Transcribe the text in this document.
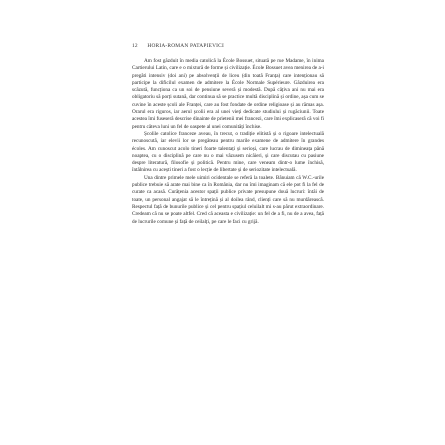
12 HORIA-ROMAN PATAPIEVICI

Am fost găzduit în media catolică la École Bossuet, situată pe rue Madame, în inima Cartierului Latin, care e o mixtură de forme și civilizație. École Bossuet avea menirea de a-i pregăti intensiv (doi ani) pe absolvenții de liceu (din toată Franța) care intenționau să participe la dificilul examen de admitere la École Normale Supérieure. Găzduirea era scăzută, funcționa ca un soi de pensiune severă și modestă. După câțiva ani nu mai era obligatoriu să porți sutană, dar continua să se practice multă disciplină și ordine, așa cum se cuvine în aceste școli ale Franței, care au fost fondate de ordine religioase și au rămas așa. Orarul era riguros, iar aerul școlii era al unei vieți dedicate studiului și rugăciunii. Toate acestea îmi fuseseră descrise dinainte de prietenii mei francezi, care îmi explicaseră că voi fi pentru câteva luni un fel de oaspete al unei comunități închise.

Școlile catolice franceze aveau, în trecut, o tradiție elitistă și o rigoare intelectuală recunoscută, iar elevii lor se pregăteau pentru marile examene de admitere în grandes écoles. Am cunoscut acolo tineri foarte talentați și serioși, care lucrau de dimineața până noaptea, cu o disciplină pe care nu o mai văzusem nicăieri, și care discutau cu pasiune despre literatură, filosofie și politică. Pentru mine, care veneam dintr-o lume închisă, întâlnirea cu acești tineri a fost o lecție de libertate și de seriozitate intelectuală.

Una dintre primele mele uimiri ocidentale se referă la toalete. Bănuiam că W.C.-urile publice trebuie să arate mai bine ca în România, dar nu îmi imaginam că ele pot fi la fel de curate ca acasă. Curățenia acestor spații publice private presupune două lucruri: întâi de toate, un personal angajat să le întrețină și al doilea rând, clienți care să nu murdărească. Respectul față de bunurile publice și cel pentru spațiul celuilalt mi s-au părut extraordinare. Credeam că nu se poate altfel. Cred că aceasta e civilizație: un fel de a fi, nu de a avea, față de lucrurile comune și față de ceilalți, pe care le faci cu grijă.
